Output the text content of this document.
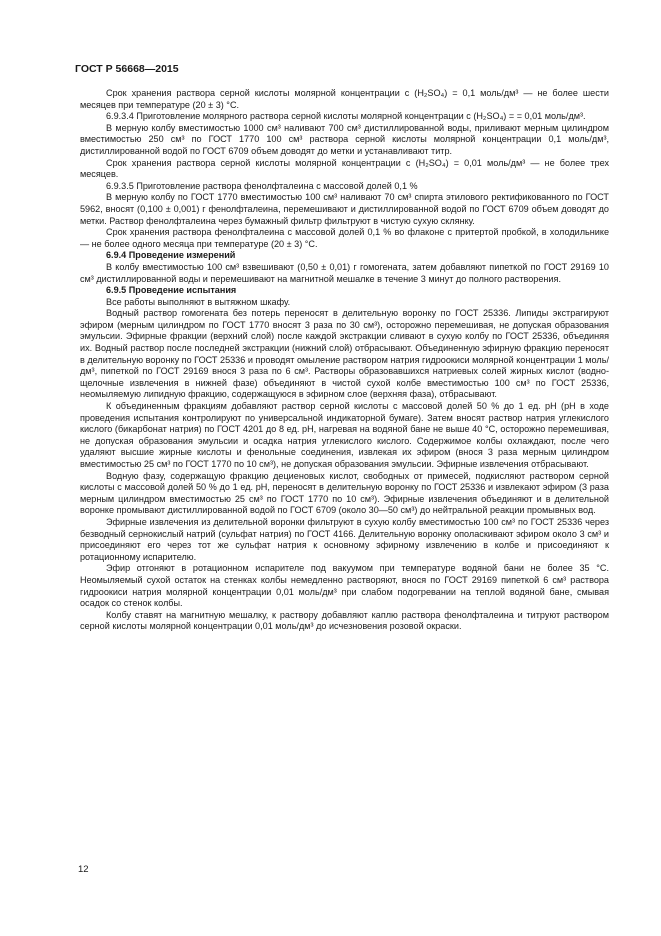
ГОСТ Р 56668—2015

Срок хранения раствора серной кислоты молярной концентрации c (H₂SO₄) = 0,1 моль/дм³ — не более шести месяцев при температуре (20 ± 3) °С.

6.9.3.4 Приготовление молярного раствора серной кислоты молярной концентрации c (H₂SO₄) = = 0,01 моль/дм³.

В мерную колбу вместимостью 1000 см³ наливают 700 см³ дистиллированной воды, приливают мерным цилиндром вместимостью 250 см³ по ГОСТ 1770 100 см³ раствора серной кислоты молярной концентрации 0,1 моль/дм³, дистиллированной водой по ГОСТ 6709 объем доводят до метки и устанавливают титр.

Срок хранения раствора серной кислоты молярной концентрации c (H₂SO₄) = 0,01 моль/дм³ — не более трех месяцев.

6.9.3.5 Приготовление раствора фенолфталеина с массовой долей 0,1 %

В мерную колбу по ГОСТ 1770 вместимостью 100 см³ наливают 70 см³ спирта этилового ректификованного по ГОСТ 5962, вносят (0,100 ± 0,001) г фенолфталеина, перемешивают и дистиллированной водой по ГОСТ 6709 объем доводят до метки. Раствор фенолфталеина через бумажный фильтр фильтруют в чистую сухую склянку.

Срок хранения раствора фенолфталеина с массовой долей 0,1 % во флаконе с притертой пробкой, в холодильнике — не более одного месяца при температуре (20 ± 3) °С.

6.9.4 Проведение измерений

В колбу вместимостью 100 см³ взвешивают (0,50 ± 0,01) г гомогената, затем добавляют пипеткой по ГОСТ 29169 10 см³ дистиллированной воды и перемешивают на магнитной мешалке в течение 3 минут до полного растворения.

6.9.5 Проведение испытания

Все работы выполняют в вытяжном шкафу.

Водный раствор гомогената без потерь переносят в делительную воронку по ГОСТ 25336. Липиды экстрагируют эфиром (мерным цилиндром по ГОСТ 1770 вносят 3 раза по 30 см³), осторожно перемешивая, не допуская образования эмульсии. Эфирные фракции (верхний слой) после каждой экстракции сливают в сухую колбу по ГОСТ 25336, объединяя их. Водный раствор после последней экстракции (нижний слой) отбрасывают. Объединенную эфирную фракцию переносят в делительную воронку по ГОСТ 25336 и проводят омыление раствором натрия гидроокиси молярной концентрации 1 моль/дм³, пипеткой по ГОСТ 29169 внося 3 раза по 6 см³. Растворы образовавшихся натриевых солей жирных кислот (водно-щелочные извлечения в нижней фазе) объединяют в чистой сухой колбе вместимостью 100 см³ по ГОСТ 25336, неомыляемую липидную фракцию, содержащуюся в эфирном слое (верхняя фаза), отбрасывают.

К объединенным фракциям добавляют раствор серной кислоты с массовой долей 50 % до 1 ед. pH (pH в ходе проведения испытания контролируют по универсальной индикаторной бумаге). Затем вносят раствор натрия углекислого кислого (бикарбонат натрия) по ГОСТ 4201 до 8 ед. pH, нагревая на водяной бане не выше 40 °С, осторожно перемешивая, не допуская образования эмульсии и осадка натрия углекислого кислого. Содержимое колбы охлаждают, после чего удаляют высшие жирные кислоты и фенольные соединения, извлекая их эфиром (внося 3 раза мерным цилиндром вместимостью 25 см³ по ГОСТ 1770 по 10 см³), не допуская образования эмульсии. Эфирные извлечения отбрасывают.

Водную фазу, содержащую фракцию дециеновых кислот, свободных от примесей, подкисляют раствором серной кислоты с массовой долей 50 % до 1 ед. pH, переносят в делительную воронку по ГОСТ 25336 и извлекают эфиром (3 раза мерным цилиндром вместимостью 25 см³ по ГОСТ 1770 по 10 см³). Эфирные извлечения объединяют и в делительной воронке промывают дистиллированной водой по ГОСТ 6709 (около 30—50 см³) до нейтральной реакции промывных вод.

Эфирные извлечения из делительной воронки фильтруют в сухую колбу вместимостью 100 см³ по ГОСТ 25336 через безводный сернокислый натрий (сульфат натрия) по ГОСТ 4166. Делительную воронку ополаскивают эфиром около 3 см³ и присоединяют его через тот же сульфат натрия к основному эфирному извлечению в колбе и присоединяют к ротационному испарителю.

Эфир отгоняют в ротационном испарителе под вакуумом при температуре водяной бани не более 35 °С. Неомыляемый сухой остаток на стенках колбы немедленно растворяют, внося по ГОСТ 29169 пипеткой 6 см³ раствора гидроокиси натрия молярной концентрации 0,01 моль/дм³ при слабом подогревании на теплой водяной бане, смывая осадок со стенок колбы.

Колбу ставят на магнитную мешалку, к раствору добавляют каплю раствора фенолфталеина и титруют раствором серной кислоты молярной концентрации 0,01 моль/дм³ до исчезновения розовой окраски.

12
